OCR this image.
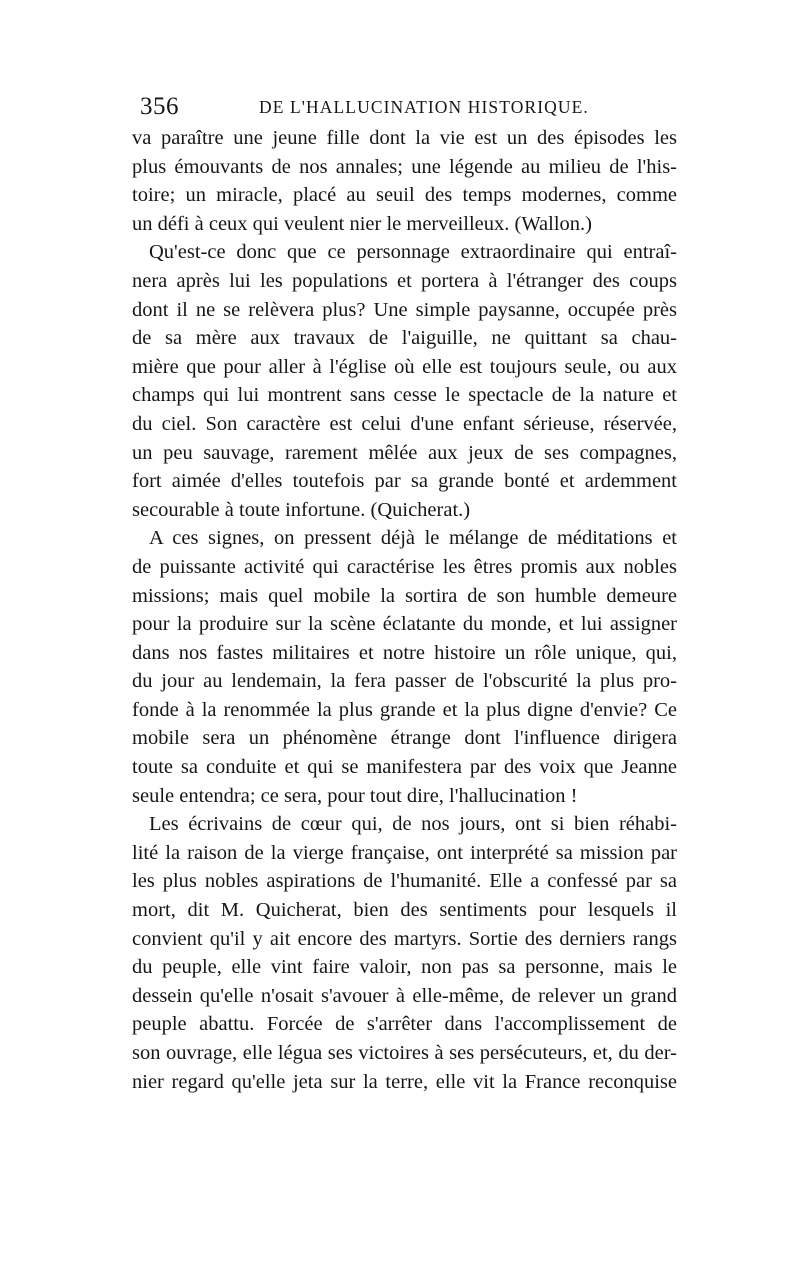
356	DE L'HALLUCINATION HISTORIQUE.

va paraître une jeune fille dont la vie est un des épisodes les
plus émouvants de nos annales; une légende au milieu de l'his-
toire; un miracle, placé au seuil des temps modernes, comme
un défi à ceux qui veulent nier le merveilleux. (Wallon.)

Qu'est-ce donc que ce personnage extraordinaire qui entraî-
nera après lui les populations et portera à l'étranger des coups
dont il ne se relèvera plus? Une simple paysanne, occupée près
de sa mère aux travaux de l'aiguille, ne quittant sa chau-
mière que pour aller à l'église où elle est toujours seule, ou aux
champs qui lui montrent sans cesse le spectacle de la nature et
du ciel. Son caractère est celui d'une enfant sérieuse, réservée,
un peu sauvage, rarement mêlée aux jeux de ses compagnes,
fort aimée d'elles toutefois par sa grande bonté et ardemment
secourable à toute infortune. (Quicherat.)

A ces signes, on pressent déjà le mélange de méditations et
de puissante activité qui caractérise les êtres promis aux nobles
missions; mais quel mobile la sortira de son humble demeure
pour la produire sur la scène éclatante du monde, et lui assigner
dans nos fastes militaires et notre histoire un rôle unique, qui,
du jour au lendemain, la fera passer de l'obscurité la plus pro-
fonde à la renommée la plus grande et la plus digne d'envie? Ce
mobile sera un phénomène étrange dont l'influence dirigera
toute sa conduite et qui se manifestera par des voix que Jeanne
seule entendra; ce sera, pour tout dire, l'hallucination !

Les écrivains de cœur qui, de nos jours, ont si bien réhabi-
lité la raison de la vierge française, ont interprété sa mission par
les plus nobles aspirations de l'humanité. Elle a confessé par sa
mort, dit M. Quicherat, bien des sentiments pour lesquels il
convient qu'il y ait encore des martyrs. Sortie des derniers rangs
du peuple, elle vint faire valoir, non pas sa personne, mais le
dessein qu'elle n'osait s'avouer à elle-même, de relever un grand
peuple abattu. Forcée de s'arrêter dans l'accomplissement de
son ouvrage, elle légua ses victoires à ses persécuteurs, et, du der-
nier regard qu'elle jeta sur la terre, elle vit la France reconquise
